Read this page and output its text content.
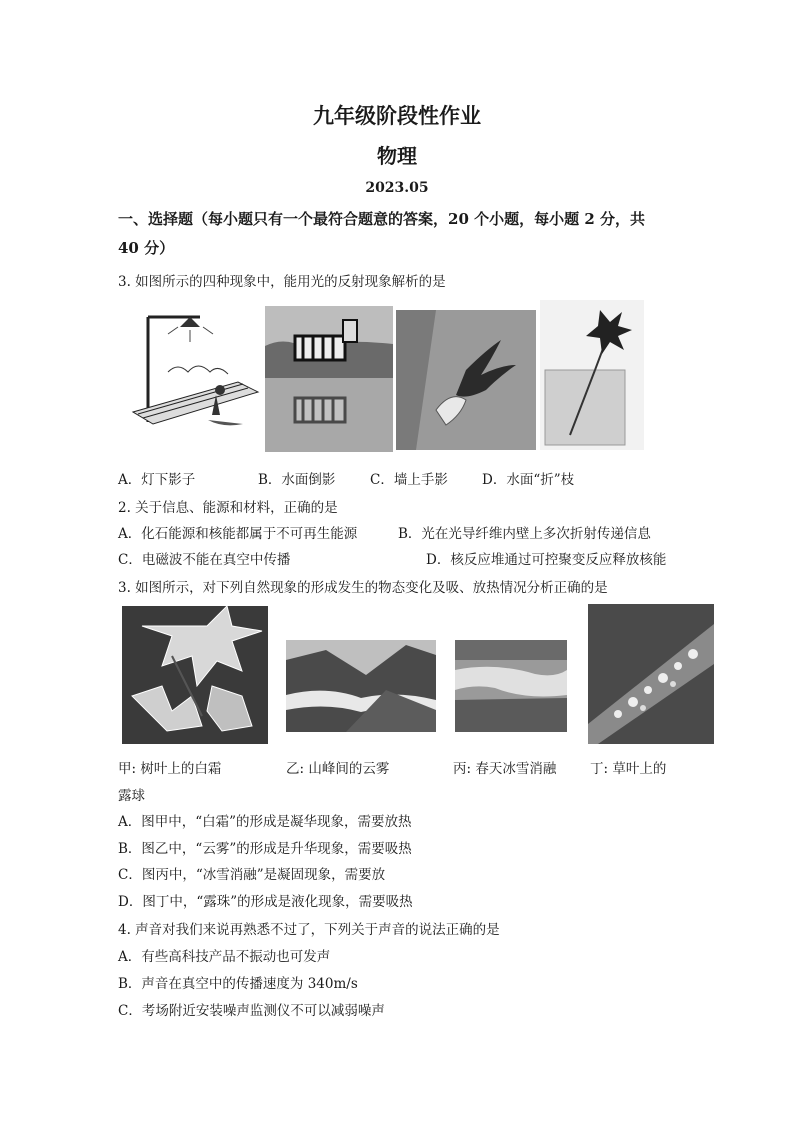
九年级阶段性作业
物理
2023.05
一、选择题（每小题只有一个最符合题意的答案，20 个小题，每小题 2 分，共
40 分）
3. 如图所示的四种现象中，能用光的反射现象解析的是
A．灯下影子	B．水面倒影	C．墙上手影	D．水面“折”枝
2. 关于信息、能源和材料，正确的是
A．化石能源和核能都属于不可再生能源	B．光在光导纤维内壁上多次折射传递信息
C．电磁波不能在真空中传播	D．核反应堆通过可控聚变反应释放核能
3. 如图所示，对下列自然现象的形成发生的物态变化及吸、放热情况分析正确的是
甲: 树叶上的白霜	乙: 山峰间的云雾	丙: 春天冰雪消融 丁: 草叶上的
露球
A．图甲中，“白霜”的形成是凝华现象，需要放热
B．图乙中，“云雾”的形成是升华现象，需要吸热
C．图丙中，“冰雪消融”是凝固现象，需要放
D．图丁中，“露珠”的形成是液化现象，需要吸热
4. 声音对我们来说再熟悉不过了，下列关于声音的说法正确的是
A．有些高科技产品不振动也可发声
B．声音在真空中的传播速度为 340m/s
C．考场附近安装噪声监测仪不可以减弱噪声
